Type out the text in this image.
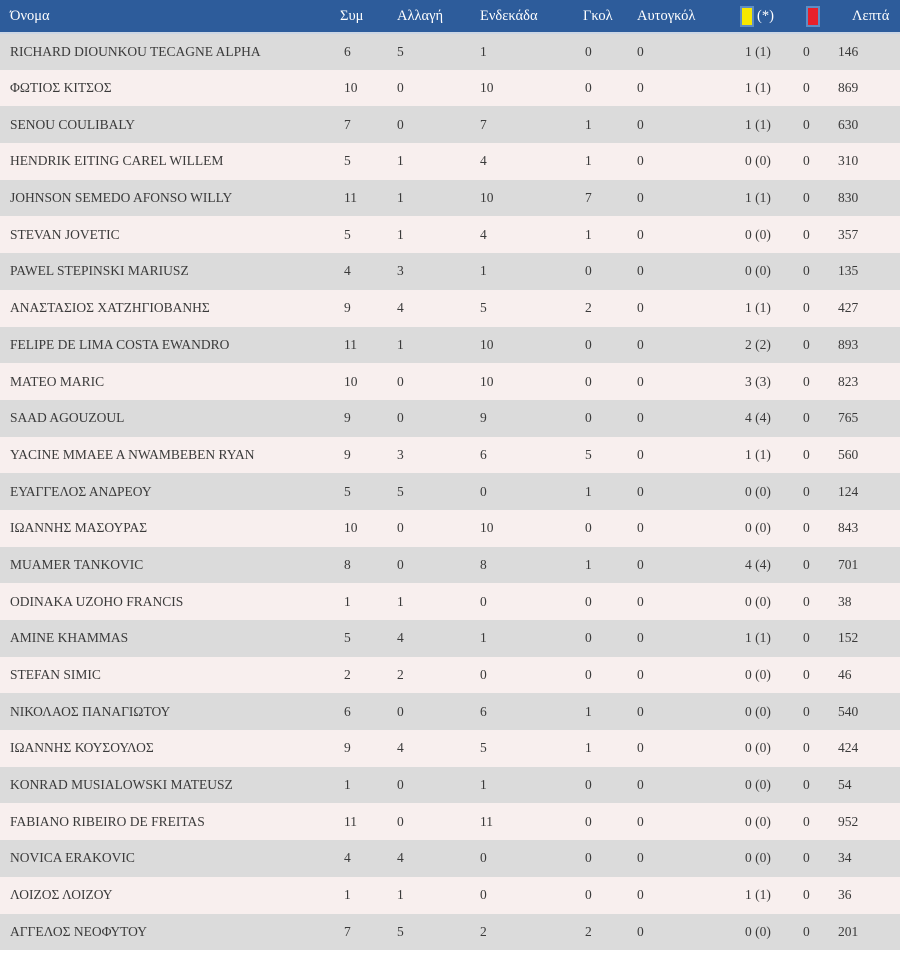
Όνομα	Συμ	Αλλαγή	Ενδεκάδα	Γκολ	Αυτογκόλ	(*)		Λεπτά
RICHARD DIOUNKOU TECAGNE ALPHA	6	5	1	0	0	1 (1)	0	146
ΦΩΤΙΟΣ ΚΙΤΣΟΣ	10	0	10	0	0	1 (1)	0	869
SENOU COULIBALY	7	0	7	1	0	1 (1)	0	630
HENDRIK EITING CAREL WILLEM	5	1	4	1	0	0 (0)	0	310
JOHNSON SEMEDO AFONSO WILLY	11	1	10	7	0	1 (1)	0	830
STEVAN JOVETIC	5	1	4	1	0	0 (0)	0	357
PAWEL STEPINSKI MARIUSZ	4	3	1	0	0	0 (0)	0	135
ΑΝΑΣΤΑΣΙΟΣ ΧΑΤΖΗΓΙΟΒΑΝΗΣ	9	4	5	2	0	1 (1)	0	427
FELIPE DE LIMA COSTA EWANDRO	11	1	10	0	0	2 (2)	0	893
MATEO MARIC	10	0	10	0	0	3 (3)	0	823
SAAD AGOUZOUL	9	0	9	0	0	4 (4)	0	765
YACINE MMAEE A NWAMBEBEN RYAN	9	3	6	5	0	1 (1)	0	560
ΕΥΑΓΓΕΛΟΣ ΑΝΔΡΕΟΥ	5	5	0	1	0	0 (0)	0	124
ΙΩΑΝΝΗΣ ΜΑΣΟΥΡΑΣ	10	0	10	0	0	0 (0)	0	843
MUAMER TANKOVIC	8	0	8	1	0	4 (4)	0	701
ODINAKA UZOHO FRANCIS	1	1	0	0	0	0 (0)	0	38
AMINE KHAMMAS	5	4	1	0	0	1 (1)	0	152
STEFAN SIMIC	2	2	0	0	0	0 (0)	0	46
ΝΙΚΟΛΑΟΣ ΠΑΝΑΓΙΩΤΟΥ	6	0	6	1	0	0 (0)	0	540
ΙΩΑΝΝΗΣ ΚΟΥΣΟΥΛΟΣ	9	4	5	1	0	0 (0)	0	424
KONRAD MUSIALOWSKI MATEUSZ	1	0	1	0	0	0 (0)	0	54
FABIANO RIBEIRO DE FREITAS	11	0	11	0	0	0 (0)	0	952
NOVICA ERAKOVIC	4	4	0	0	0	0 (0)	0	34
ΛΟΙΖΟΣ ΛΟΙΖΟΥ	1	1	0	0	0	1 (1)	0	36
ΑΓΓΕΛΟΣ ΝΕΟΦΥΤΟΥ	7	5	2	2	0	0 (0)	0	201
